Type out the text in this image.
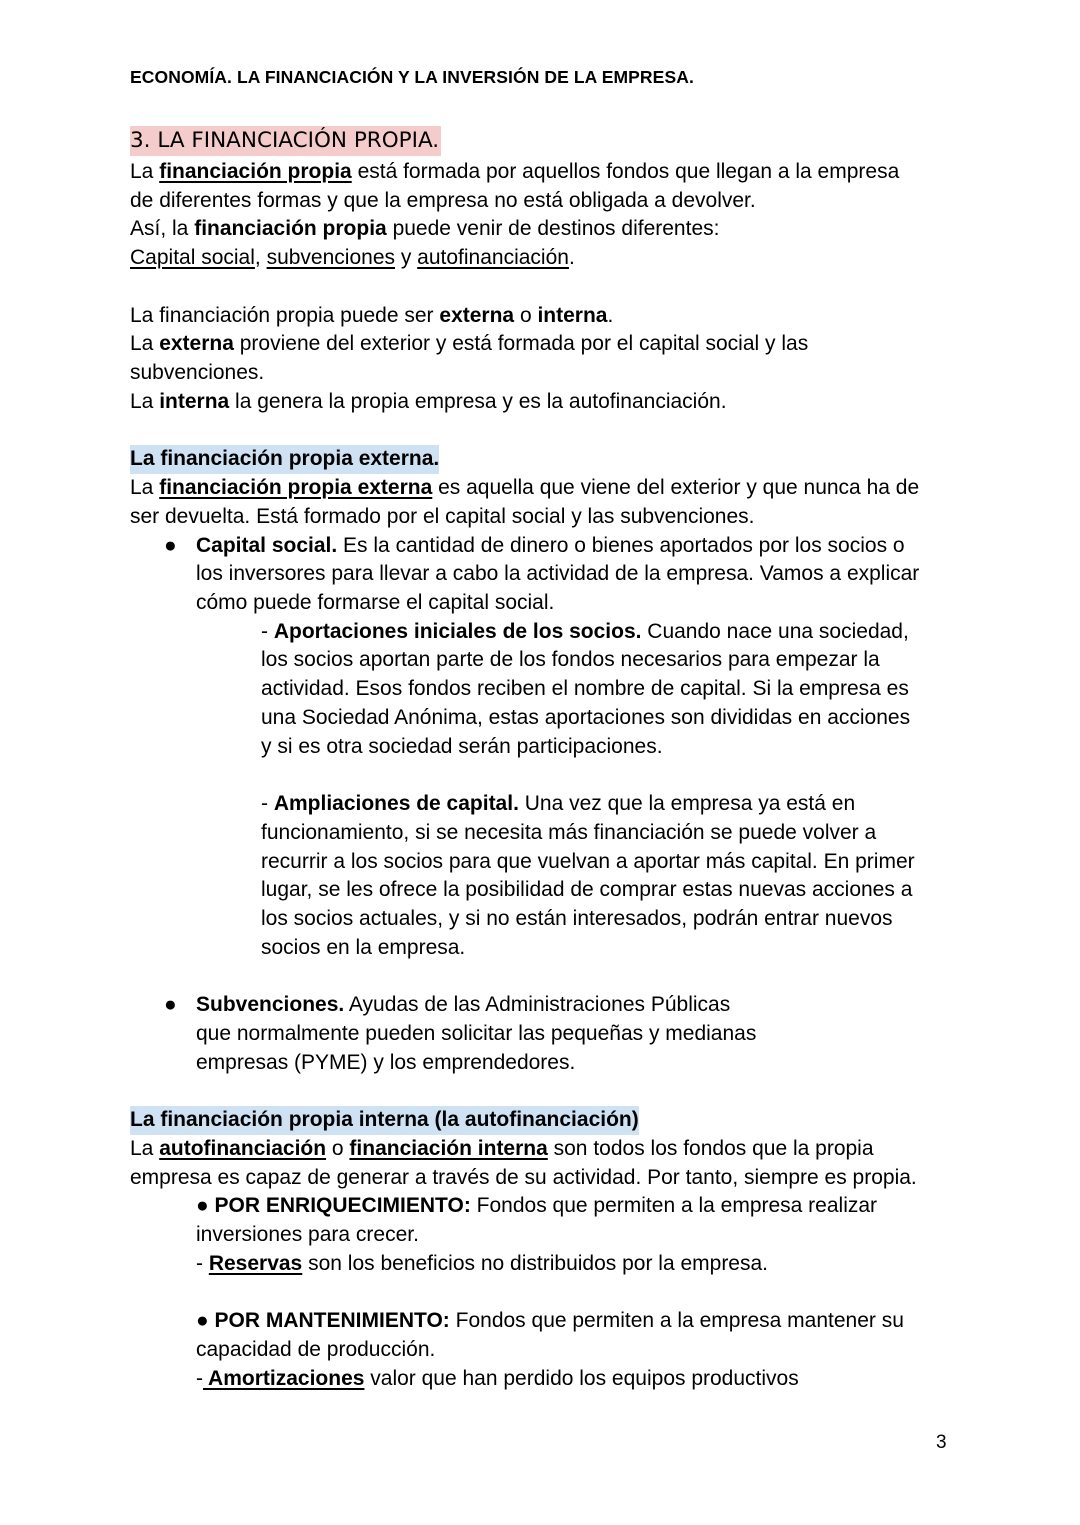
ECONOMÍA. LA FINANCIACIÓN Y LA INVERSIÓN DE LA EMPRESA.

3. LA FINANCIACIÓN PROPIA.

La financiación propia está formada por aquellos fondos que llegan a la empresa

de diferentes formas y que la empresa no está obligada a devolver.

Así, la financiación propia puede venir de destinos diferentes:

Capital social, subvenciones y autofinanciación.

La financiación propia puede ser externa o interna.

La externa proviene del exterior y está formada por el capital social y las

subvenciones.

La interna la genera la propia empresa y es la autofinanciación.

La financiación propia externa.

La financiación propia externa es aquella que viene del exterior y que nunca ha de

ser devuelta. Está formado por el capital social y las subvenciones.

● Capital social. Es la cantidad de dinero o bienes aportados por los socios o

los inversores para llevar a cabo la actividad de la empresa. Vamos a explicar

cómo puede formarse el capital social.

- Aportaciones iniciales de los socios. Cuando nace una sociedad,

los socios aportan parte de los fondos necesarios para empezar la

actividad. Esos fondos reciben el nombre de capital. Si la empresa es

una Sociedad Anónima, estas aportaciones son divididas en acciones

y si es otra sociedad serán participaciones.

- Ampliaciones de capital. Una vez que la empresa ya está en

funcionamiento, si se necesita más financiación se puede volver a

recurrir a los socios para que vuelvan a aportar más capital. En primer

lugar, se les ofrece la posibilidad de comprar estas nuevas acciones a

los socios actuales, y si no están interesados, podrán entrar nuevos

socios en la empresa.

● Subvenciones. Ayudas de las Administraciones Públicas

que normalmente pueden solicitar las pequeñas y medianas

empresas (PYME) y los emprendedores.

La financiación propia interna (la autofinanciación)

La autofinanciación o financiación interna son todos los fondos que la propia

empresa es capaz de generar a través de su actividad. Por tanto, siempre es propia.

● POR ENRIQUECIMIENTO: Fondos que permiten a la empresa realizar

inversiones para crecer.

- Reservas son los beneficios no distribuidos por la empresa.

● POR MANTENIMIENTO: Fondos que permiten a la empresa mantener su

capacidad de producción.

- Amortizaciones valor que han perdido los equipos productivos

3
